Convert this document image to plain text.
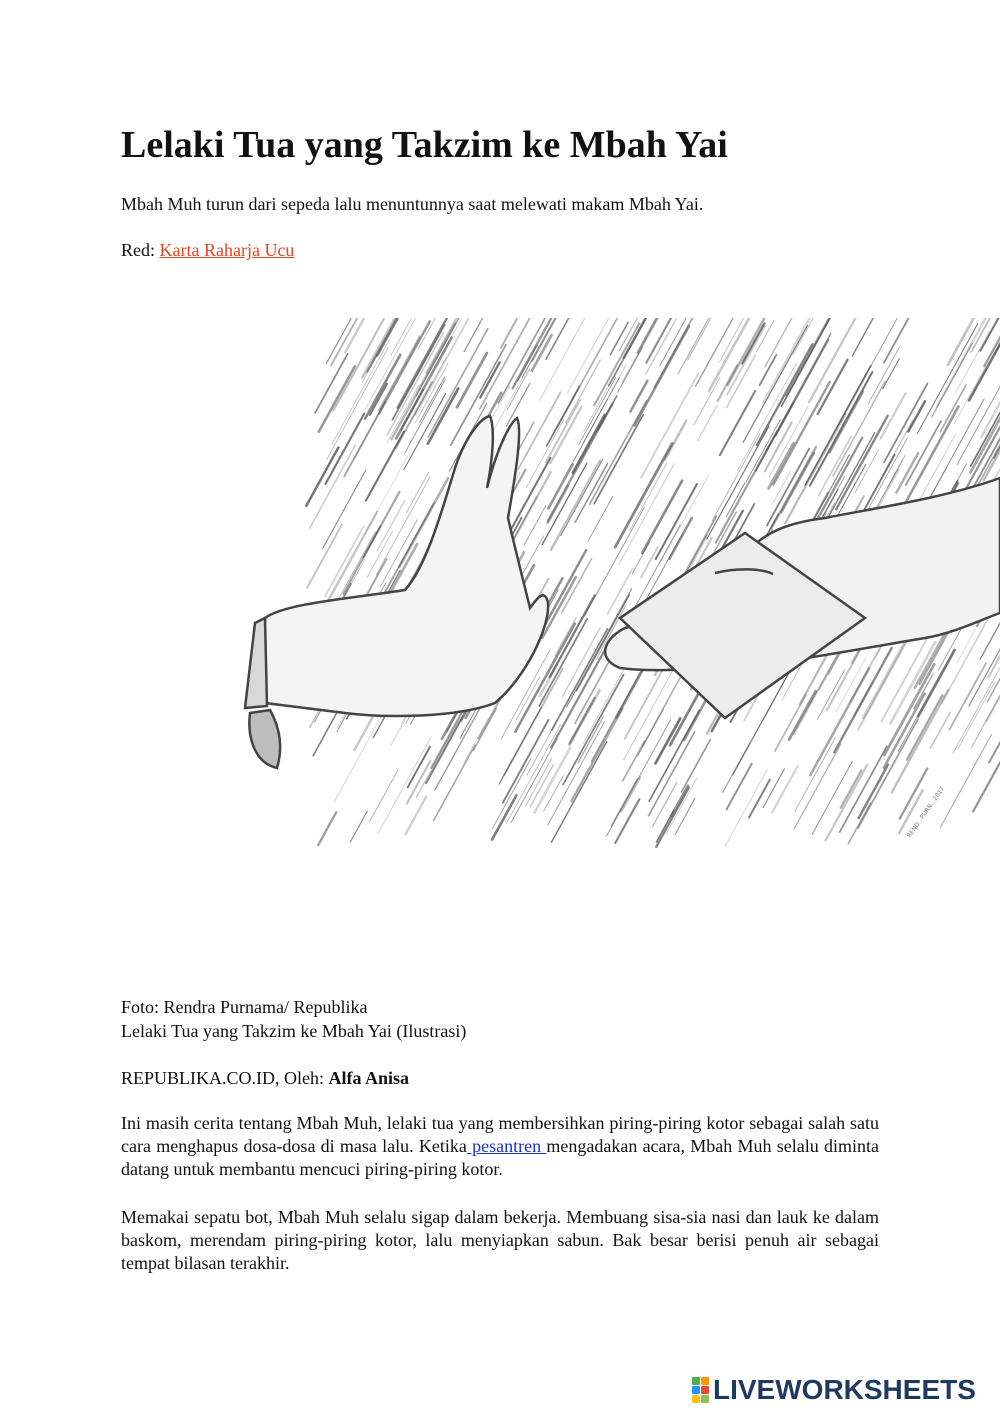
Lelaki Tua yang Takzim ke Mbah Yai
Mbah Muh turun dari sepeda lalu menuntunnya saat melewati makam Mbah Yai.
Red: Karta Raharja Ucu
REND.. PURN.. 2017
Foto: Rendra Purnama/ Republika
Lelaki Tua yang Takzim ke Mbah Yai (Ilustrasi)
REPUBLIKA.CO.ID, Oleh: Alfa Anisa

Ini masih cerita tentang Mbah Muh, lelaki tua yang membersihkan piring-piring kotor sebagai salah satu cara menghapus dosa-dosa di masa lalu. Ketika pesantren mengadakan acara, Mbah Muh selalu diminta datang untuk membantu mencuci piring-piring kotor.

Memakai sepatu bot, Mbah Muh selalu sigap dalam bekerja. Membuang sisa-sia nasi dan lauk ke dalam baskom, merendam piring-piring kotor, lalu menyiapkan sabun. Bak besar berisi penuh air sebagai tempat bilasan terakhir.

LIVEWORKSHEETS
